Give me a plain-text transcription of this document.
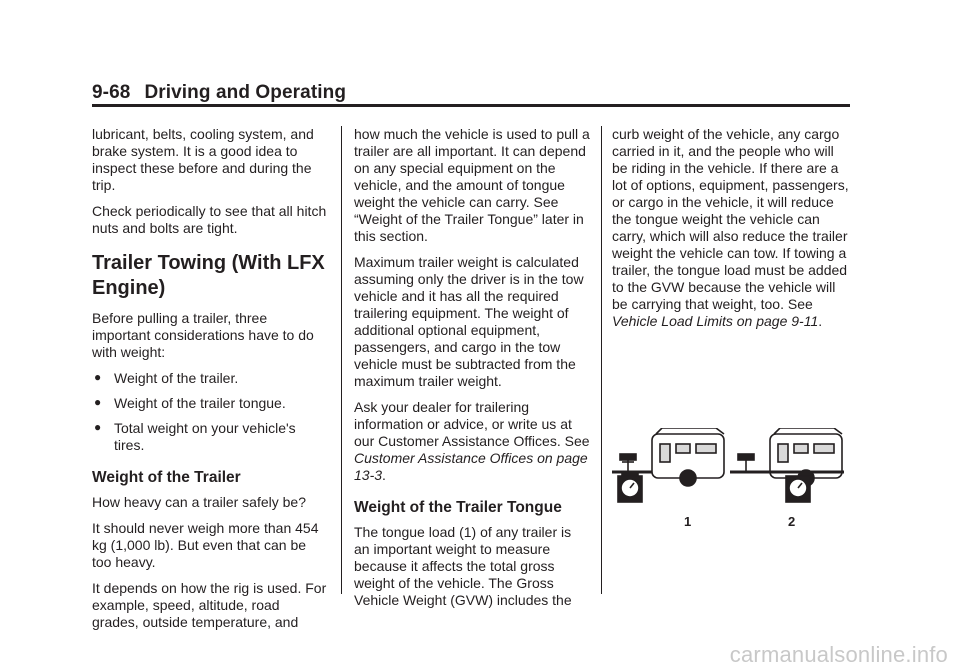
9-68 Driving and Operating

lubricant, belts, cooling system, and brake system. It is a good idea to inspect these before and during the trip.

Check periodically to see that all hitch nuts and bolts are tight.

Trailer Towing (With LFX Engine)

Before pulling a trailer, three important considerations have to do with weight:

● Weight of the trailer.
● Weight of the trailer tongue.
● Total weight on your vehicle's tires.
Weight of the Trailer

How heavy can a trailer safely be?

It should never weigh more than 454 kg (1,000 lb). But even that can be too heavy.

It depends on how the rig is used. For example, speed, altitude, road grades, outside temperature, and

how much the vehicle is used to pull a trailer are all important. It can depend on any special equipment on the vehicle, and the amount of tongue weight the vehicle can carry. See “Weight of the Trailer Tongue” later in this section.

Maximum trailer weight is calculated assuming only the driver is in the tow vehicle and it has all the required trailering equipment. The weight of additional optional equipment, passengers, and cargo in the tow vehicle must be subtracted from the maximum trailer weight.

Ask your dealer for trailering information or advice, or write us at our Customer Assistance Offices. See Customer Assistance Offices on page 13-3.

Weight of the Trailer Tongue

The tongue load (1) of any trailer is an important weight to measure because it affects the total gross weight of the vehicle. The Gross Vehicle Weight (GVW) includes the

curb weight of the vehicle, any cargo carried in it, and the people who will be riding in the vehicle. If there are a lot of options, equipment, passengers, or cargo in the vehicle, it will reduce the tongue weight the vehicle can carry, which will also reduce the trailer weight the vehicle can tow. If towing a trailer, the tongue load must be added to the GVW because the vehicle will be carrying that weight, too. See Vehicle Load Limits on page 9-11.

1	2
carmanualsonline.info
